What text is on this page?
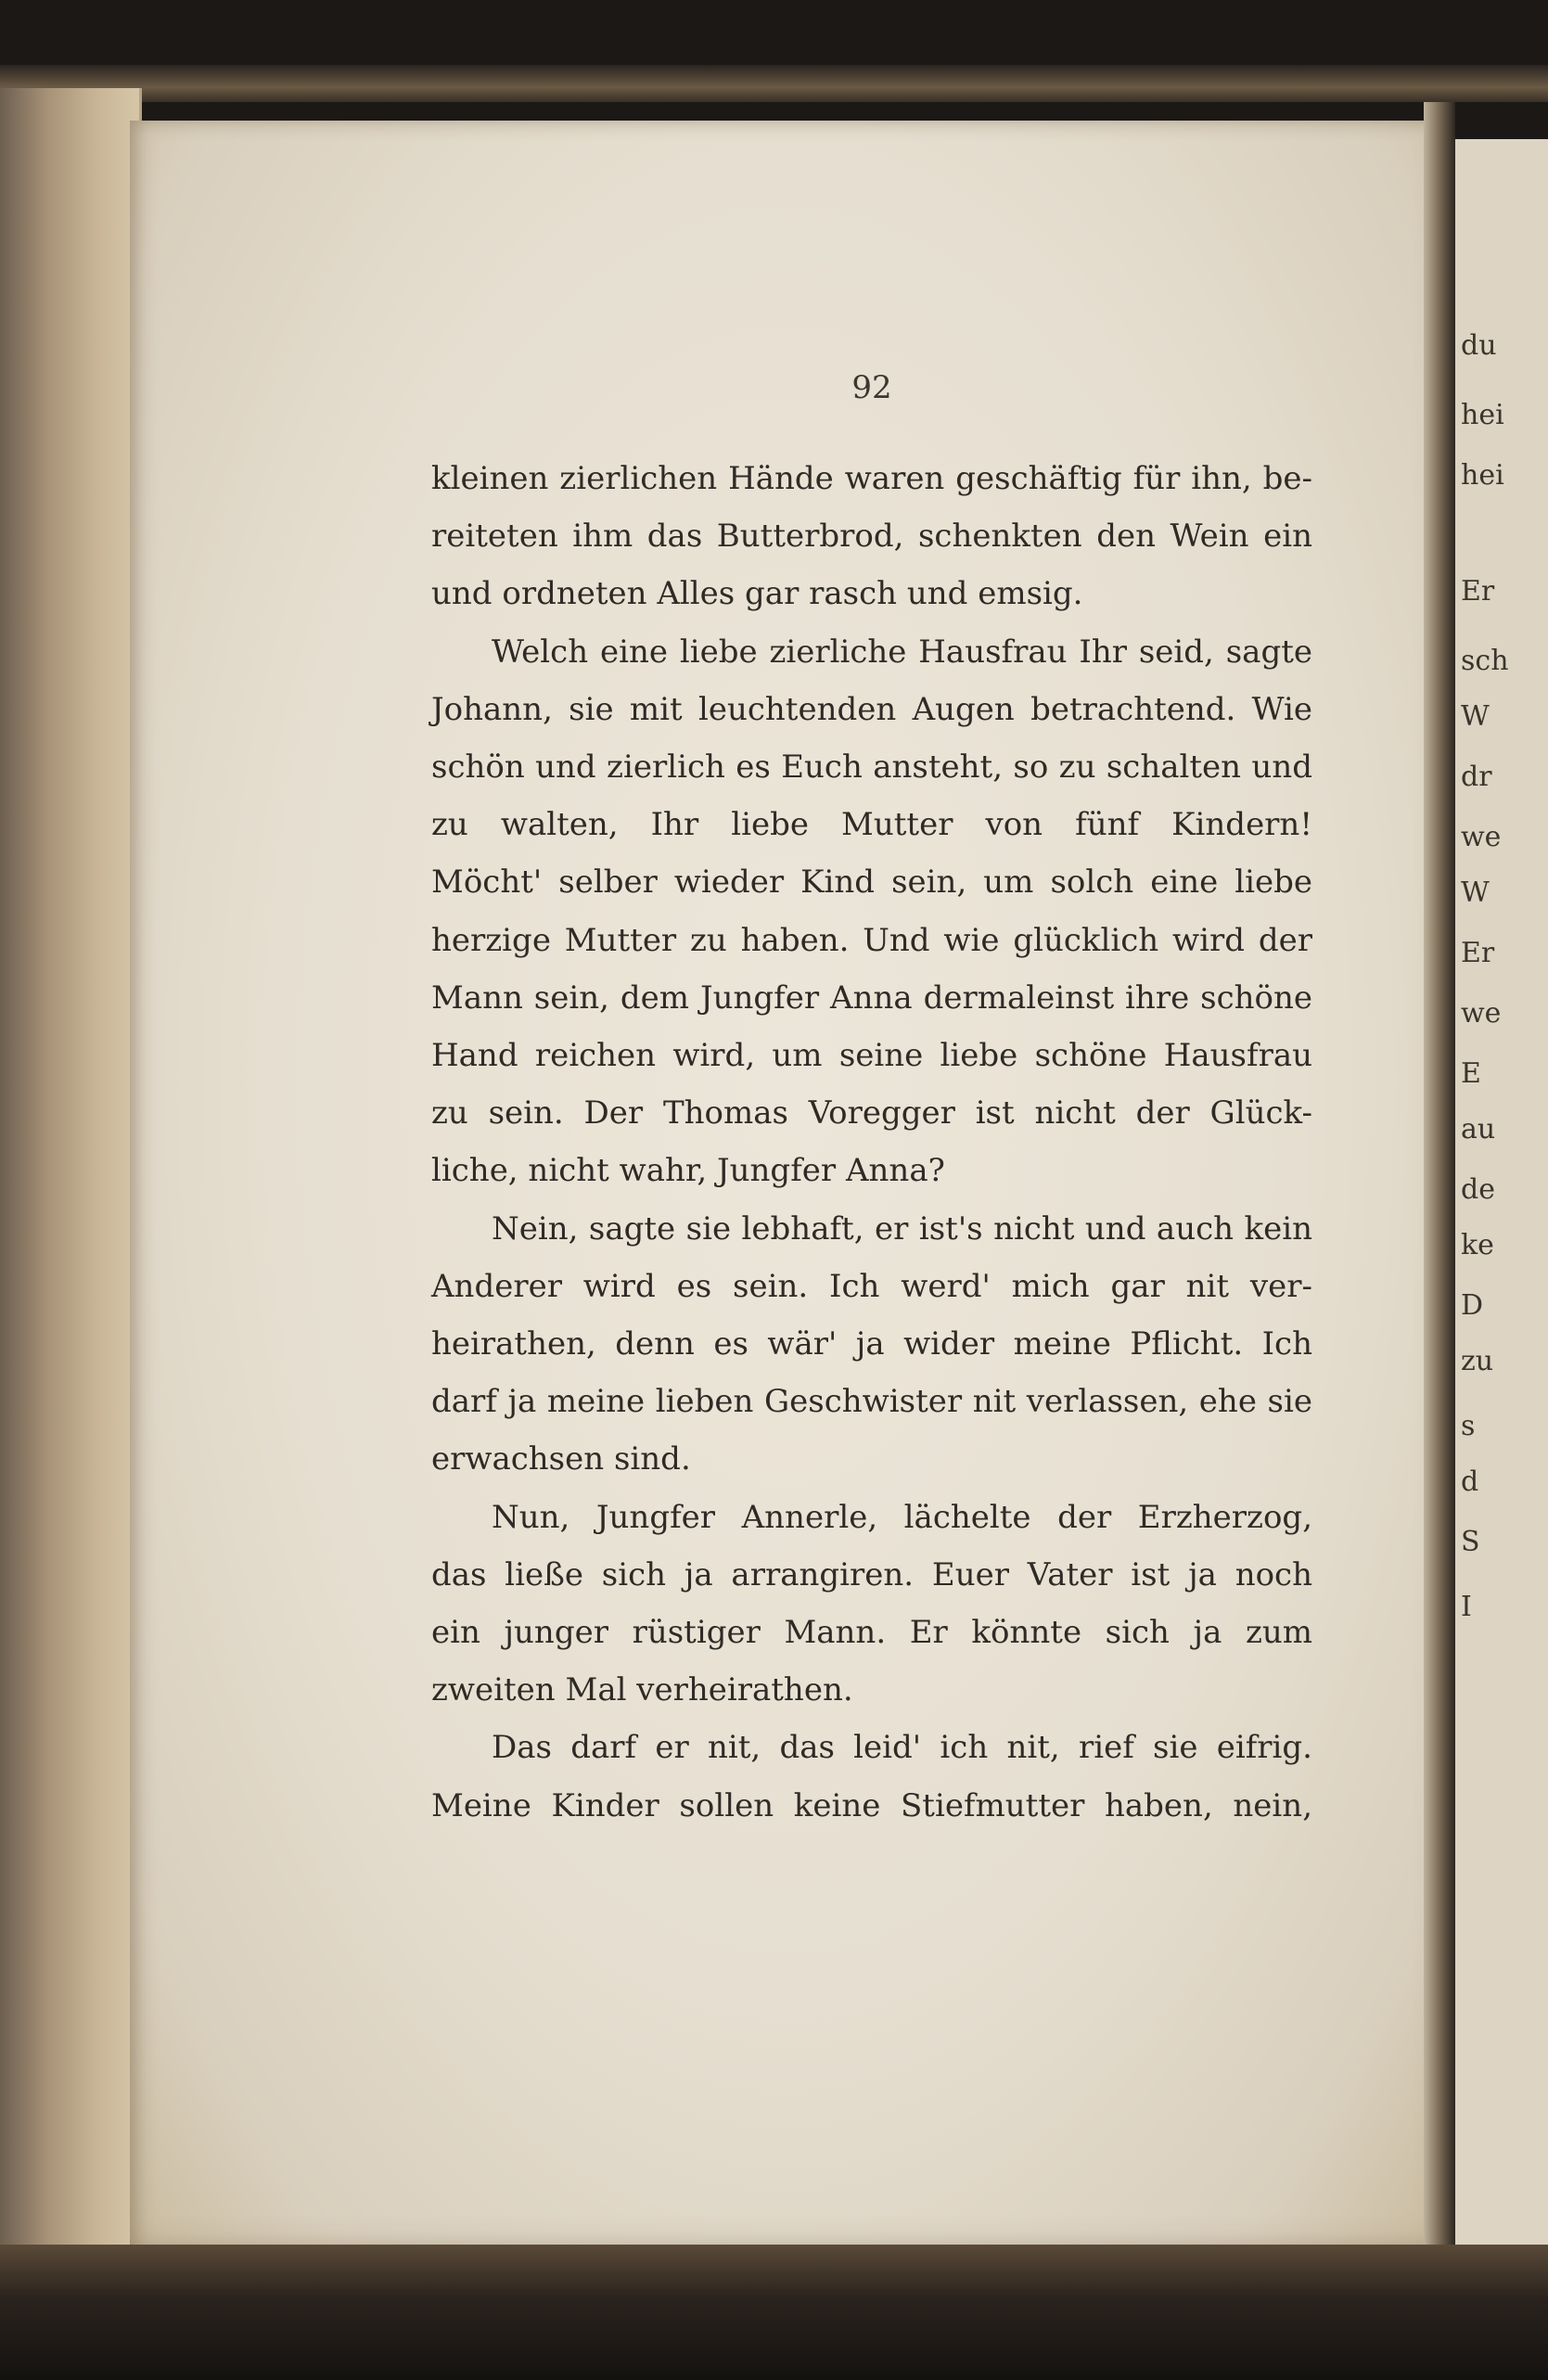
du
hei
hei
Er
sch
W
dr
we
W
Er
we
E
au
de
ke
D
zu
s
d
S
I
92
kleinen zierlichen Hände waren geschäftig für ihn, be-
reiteten ihm das Butterbrod, schenkten den Wein ein
und ordneten Alles gar rasch und emsig.
Welch eine liebe zierliche Hausfrau Ihr seid, sagte
Johann, sie mit leuchtenden Augen betrachtend. Wie
schön und zierlich es Euch ansteht, so zu schalten und
zu walten, Ihr liebe Mutter von fünf Kindern!
Möcht' selber wieder Kind sein, um solch eine liebe
herzige Mutter zu haben. Und wie glücklich wird der
Mann sein, dem Jungfer Anna dermaleinst ihre schöne
Hand reichen wird, um seine liebe schöne Hausfrau
zu sein. Der Thomas Voregger ist nicht der Glück-
liche, nicht wahr, Jungfer Anna?
Nein, sagte sie lebhaft, er ist's nicht und auch kein
Anderer wird es sein. Ich werd' mich gar nit ver-
heirathen, denn es wär' ja wider meine Pflicht. Ich
darf ja meine lieben Geschwister nit verlassen, ehe sie
erwachsen sind.
Nun, Jungfer Annerle, lächelte der Erzherzog,
das ließe sich ja arrangiren. Euer Vater ist ja noch
ein junger rüstiger Mann. Er könnte sich ja zum
zweiten Mal verheirathen.
Das darf er nit, das leid' ich nit, rief sie eifrig.
Meine Kinder sollen keine Stiefmutter haben, nein,
